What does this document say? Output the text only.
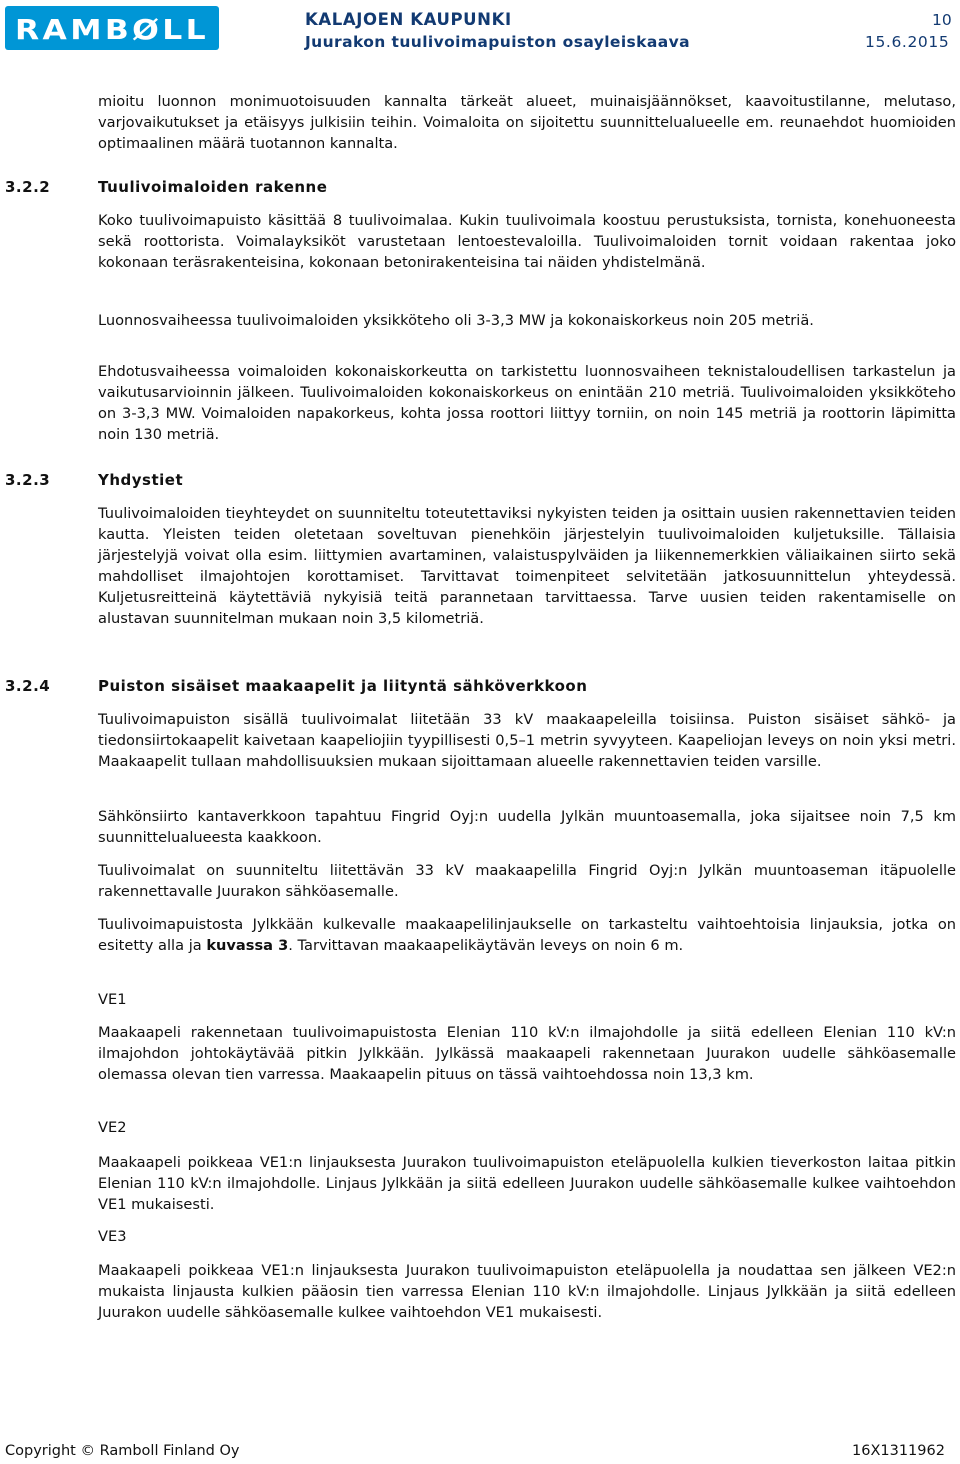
RAMBØLL	KALAJOEN KAUPUNKI
Juurakon tuulivoimapuiston osayleiskaava
10
15.6.2015

mioitu luonnon monimuotoisuuden kannalta tärkeät alueet, muinaisjäännökset, kaavoitustilanne, melutaso, varjovaikutukset ja etäisyys julkisiin teihin. Voimaloita on sijoitettu suunnittelualueelle em. reunaehdot huomioiden optimaalinen määrä tuotannon kannalta.

3.2.2	Tuulivoimaloiden rakenne

Koko tuulivoimapuisto käsittää 8 tuulivoimalaa. Kukin tuulivoimala koostuu perustuksista, tornista, konehuoneesta sekä roottorista. Voimalayksiköt varustetaan lentoestevaloilla. Tuulivoimaloiden tornit voidaan rakentaa joko kokonaan teräsrakenteisina, kokonaan betonirakenteisina tai näiden yhdistelmänä.

Luonnosvaiheessa tuulivoimaloiden yksikköteho oli 3-3,3 MW ja kokonaiskorkeus noin 205 metriä.

Ehdotusvaiheessa voimaloiden kokonaiskorkeutta on tarkistettu luonnosvaiheen teknistaloudellisen tarkastelun ja vaikutusarvioinnin jälkeen. Tuulivoimaloiden kokonaiskorkeus on enintään 210 metriä. Tuulivoimaloiden yksikköteho on 3-3,3 MW. Voimaloiden napakorkeus, kohta jossa roottori liittyy torniin, on noin 145 metriä ja roottorin läpimitta noin 130 metriä.

3.2.3	Yhdystiet

Tuulivoimaloiden tieyhteydet on suunniteltu toteutettaviksi nykyisten teiden ja osittain uusien rakennettavien teiden kautta. Yleisten teiden oletetaan soveltuvan pienehköin järjestelyin tuulivoimaloiden kuljetuksille. Tällaisia järjestelyjä voivat olla esim. liittymien avartaminen, valaistuspylväiden ja liikennemerkkien väliaikainen siirto sekä mahdolliset ilmajohtojen korottamiset. Tarvittavat toimenpiteet selvitetään jatkosuunnittelun yhteydessä. Kuljetusreitteinä käytettäviä nykyisiä teitä parannetaan tarvittaessa. Tarve uusien teiden rakentamiselle on alustavan suunnitelman mukaan noin 3,5 kilometriä.

3.2.4	Puiston sisäiset maakaapelit ja liityntä sähköverkkoon

Tuulivoimapuiston sisällä tuulivoimalat liitetään 33 kV maakaapeleilla toisiinsa. Puiston sisäiset sähkö- ja tiedonsiirtokaapelit kaivetaan kaapeliojiin tyypillisesti 0,5–1 metrin syvyyteen. Kaapeliojan leveys on noin yksi metri. Maakaapelit tullaan mahdollisuuksien mukaan sijoittamaan alueelle rakennettavien teiden varsille.

Sähkönsiirto kantaverkkoon tapahtuu Fingrid Oyj:n uudella Jylkän muuntoasemalla, joka sijaitsee noin 7,5 km suunnittelualueesta kaakkoon.

Tuulivoimalat on suunniteltu liitettävän 33 kV maakaapelilla Fingrid Oyj:n Jylkän muuntoaseman itäpuolelle rakennettavalle Juurakon sähköasemalle.

Tuulivoimapuistosta Jylkkään kulkevalle maakaapelilinjaukselle on tarkasteltu vaihtoehtoisia linjauksia, jotka on esitetty alla ja kuvassa 3. Tarvittavan maakaapelikäytävän leveys on noin 6 m.

VE1

Maakaapeli rakennetaan tuulivoimapuistosta Elenian 110 kV:n ilmajohdolle ja siitä edelleen Elenian 110 kV:n ilmajohdon johtokäytävää pitkin Jylkkään. Jylkässä maakaapeli rakennetaan Juurakon uudelle sähköasemalle olemassa olevan tien varressa. Maakaapelin pituus on tässä vaihtoehdossa noin 13,3 km.

VE2

Maakaapeli poikkeaa VE1:n linjauksesta Juurakon tuulivoimapuiston eteläpuolella kulkien tieverkoston laitaa pitkin Elenian 110 kV:n ilmajohdolle. Linjaus Jylkkään ja siitä edelleen Juurakon uudelle sähköasemalle kulkee vaihtoehdon VE1 mukaisesti.

VE3

Maakaapeli poikkeaa VE1:n linjauksesta Juurakon tuulivoimapuiston eteläpuolella ja noudattaa sen jälkeen VE2:n mukaista linjausta kulkien pääosin tien varressa Elenian 110 kV:n ilmajohdolle. Linjaus Jylkkään ja siitä edelleen Juurakon uudelle sähköasemalle kulkee vaihtoehdon VE1 mukaisesti.

Copyright © Ramboll Finland Oy	16X1311962
